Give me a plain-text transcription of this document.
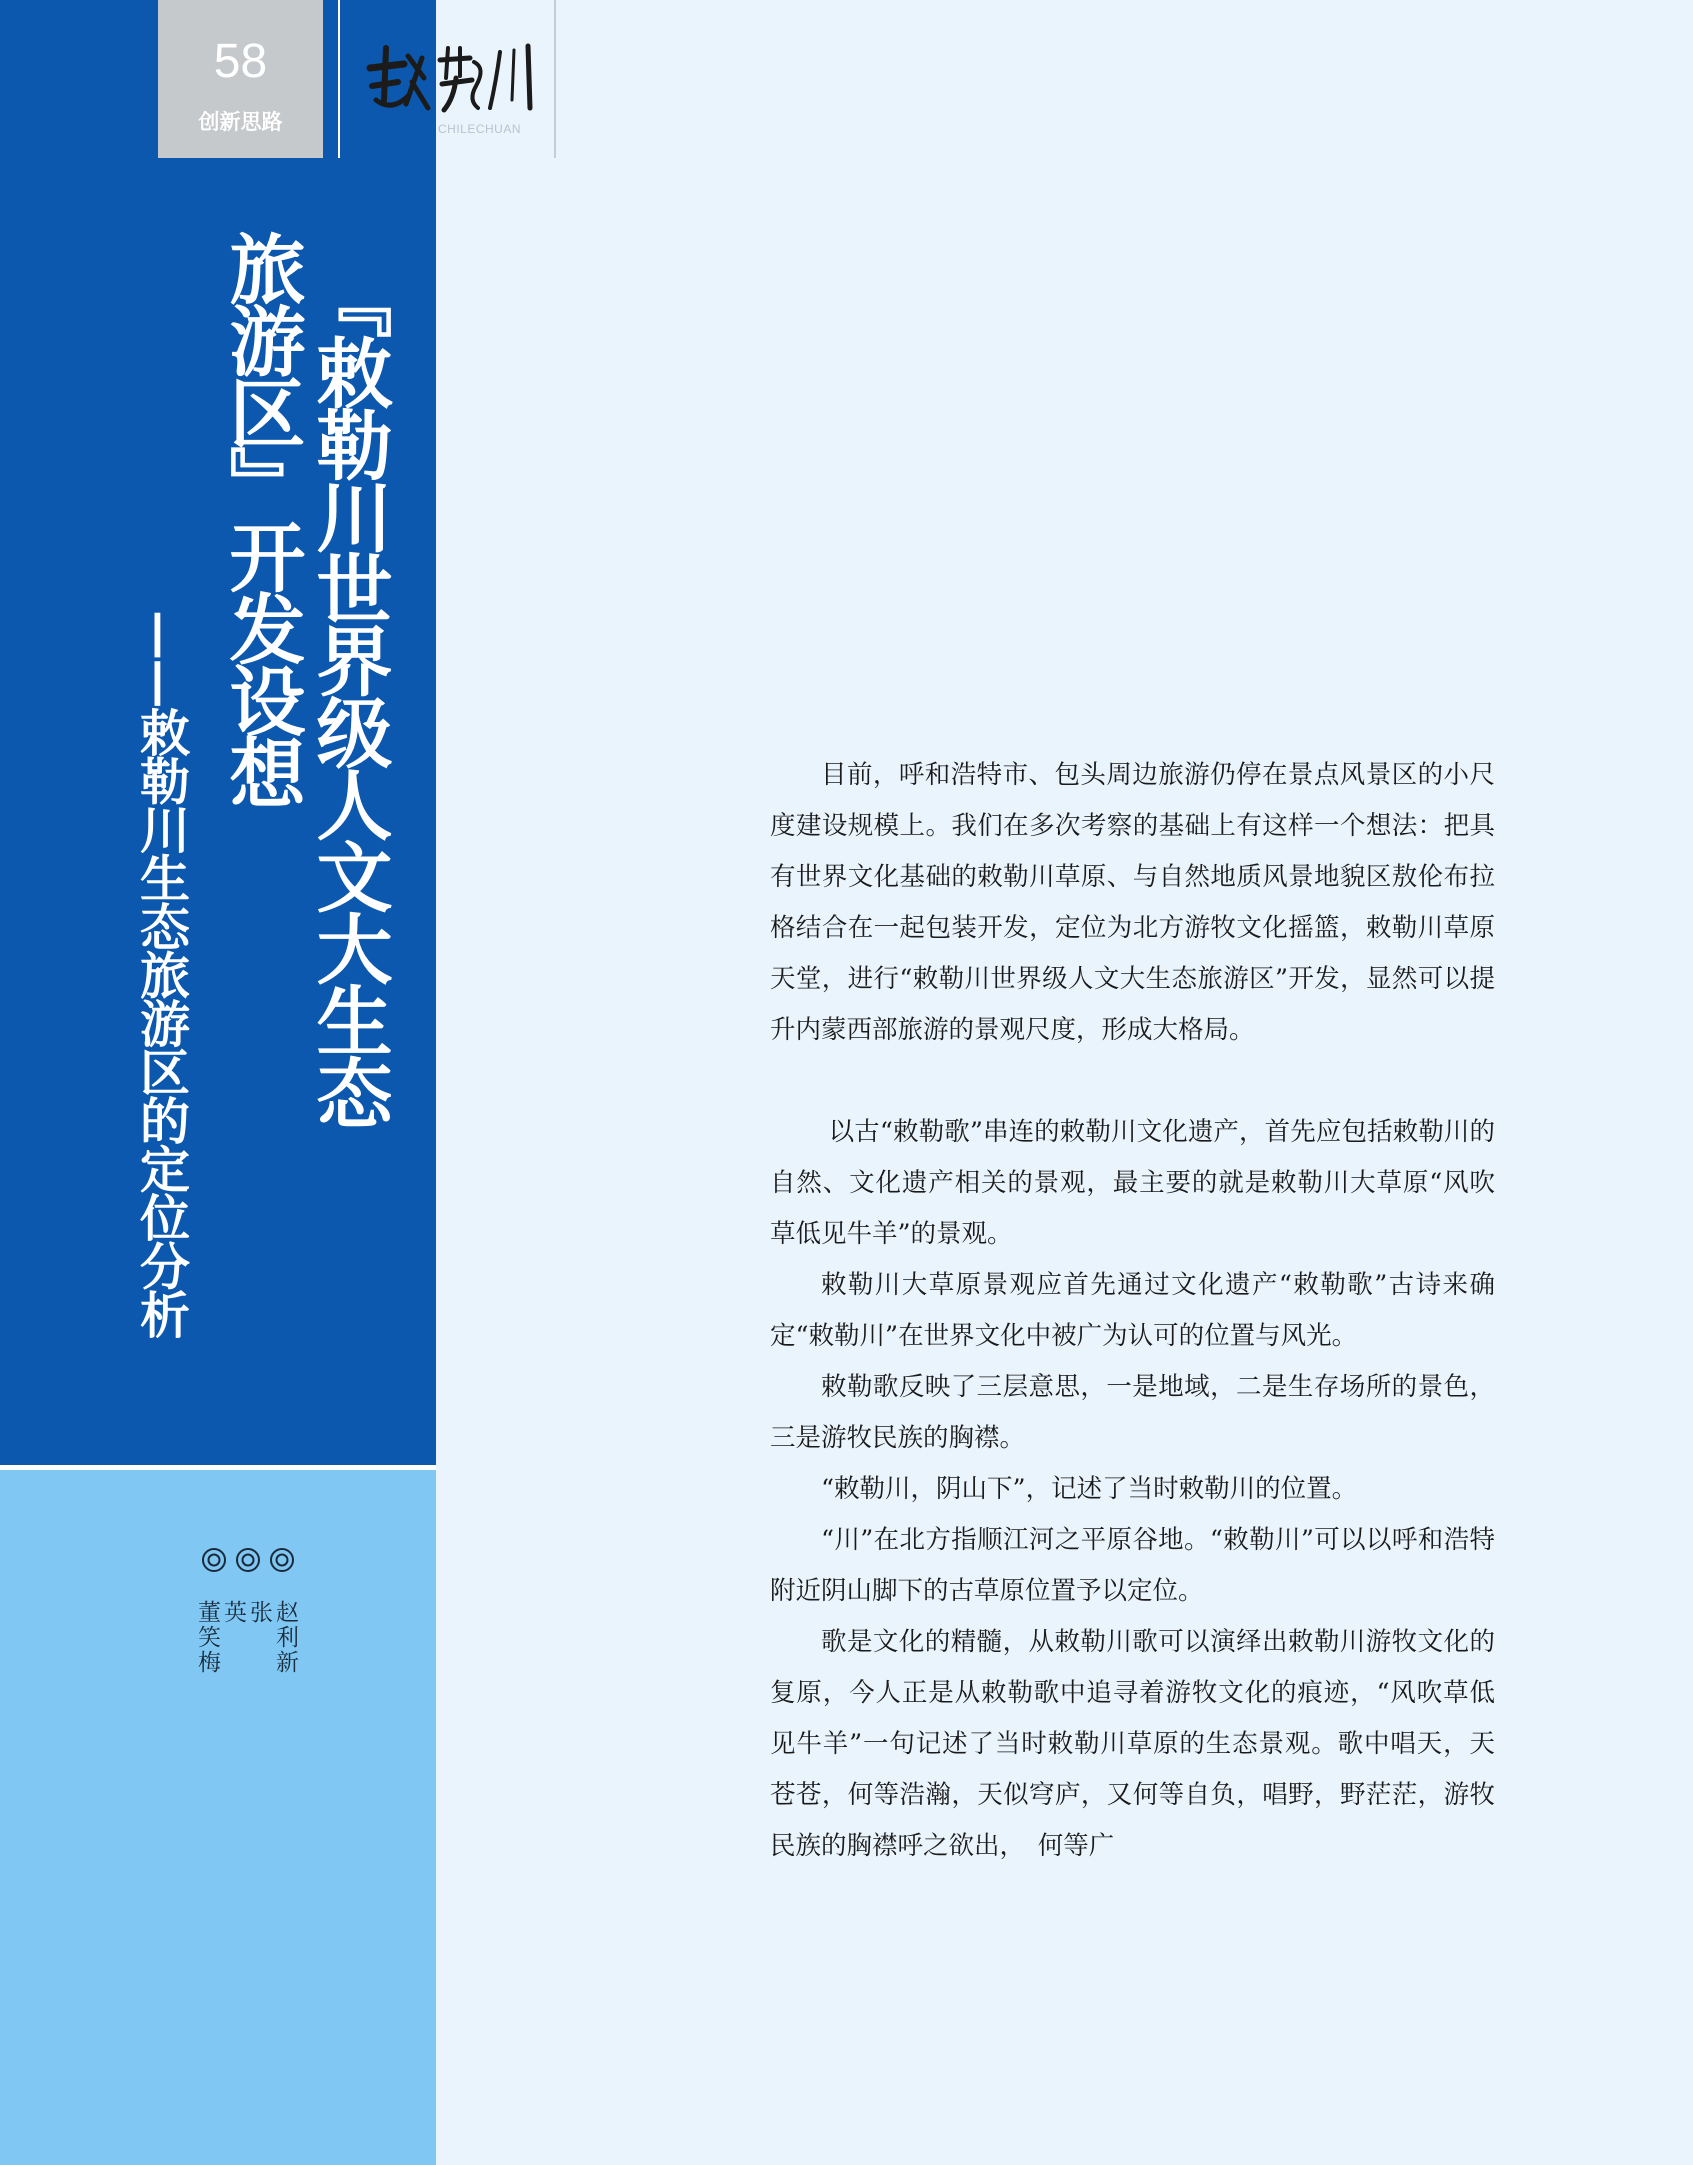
58
创新思路	CHILECHUAN
『敕勒川世界级人文大生态
旅游区』开发设想
——敕勒川生态旅游区的定位分析
赵利新
张英
董笑梅

目前，呼和浩特市、包头周边旅游仍停在景点风景区的小尺度建设规模上。我们在多次考察的基础上有这样一个想法：把具有世界文化基础的敕勒川草原、与自然地质风景地貌区敖伦布拉格结合在一起包装开发，定位为北方游牧文化摇篮，敕勒川草原天堂，进行“敕勒川世界级人文大生态旅游区”开发，显然可以提升内蒙西部旅游的景观尺度，形成大格局。

以古“敕勒歌”串连的敕勒川文化遗产，首先应包括敕勒川的自然、文化遗产相关的景观，最主要的就是敕勒川大草原“风吹草低见牛羊”的景观。

敕勒川大草原景观应首先通过文化遗产“敕勒歌”古诗来确定“敕勒川”在世界文化中被广为认可的位置与风光。

敕勒歌反映了三层意思，一是地域，二是生存场所的景色，三是游牧民族的胸襟。

“敕勒川，阴山下”，记述了当时敕勒川的位置。

“川”在北方指顺江河之平原谷地。“敕勒川”可以以呼和浩特附近阴山脚下的古草原位置予以定位。

歌是文化的精髓，从敕勒川歌可以演绎出敕勒川游牧文化的复原，今人正是从敕勒歌中追寻着游牧文化的痕迹，“风吹草低见牛羊”一句记述了当时敕勒川草原的生态景观。歌中唱天，天苍苍，何等浩瀚，天似穹庐，又何等自负，唱野，野茫茫，游牧民族的胸襟呼之欲出，　何等广
